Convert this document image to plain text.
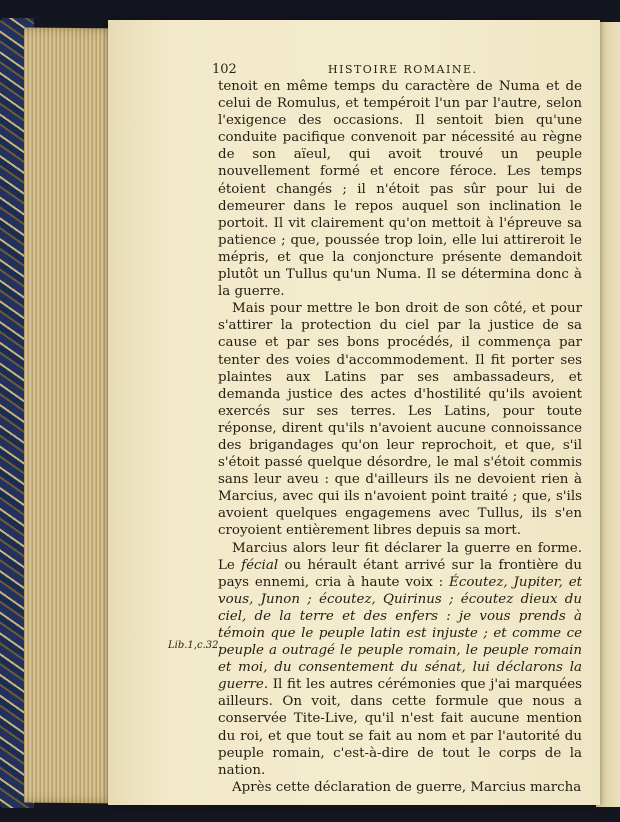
102	HISTOIRE ROMAINE.
Lib.1,c.32.

tenoit en même temps du caractère de Numa et de celui de Romulus, et tempéroit l'un par l'autre, selon l'exigence des occasions. Il sentoit bien qu'une conduite pacifique convenoit par nécessité au règne de son aïeul, qui avoit trouvé un peuple nouvellement formé et encore féroce. Les temps étoient changés ; il n'étoit pas sûr pour lui de demeurer dans le repos auquel son inclination le portoit. Il vit clairement qu'on mettoit à l'épreuve sa patience ; que, poussée trop loin, elle lui attireroit le mépris, et que la conjoncture présente demandoit plutôt un Tullus qu'un Numa. Il se détermina donc à la guerre.

Mais pour mettre le bon droit de son côté, et pour s'attirer la protection du ciel par la justice de sa cause et par ses bons procédés, il commença par tenter des voies d'accommodement. Il fit porter ses plaintes aux Latins par ses ambassadeurs, et demanda justice des actes d'hostilité qu'ils avoient exercés sur ses terres. Les Latins, pour toute réponse, dirent qu'ils n'avoient aucune connoissance des brigandages qu'on leur reprochoit, et que, s'il s'étoit passé quelque désordre, le mal s'étoit commis sans leur aveu : que d'ailleurs ils ne devoient rien à Marcius, avec qui ils n'avoient point traité ; que, s'ils avoient quelques engagemens avec Tullus, ils s'en croyoient entièrement libres depuis sa mort.

Marcius alors leur fit déclarer la guerre en forme. Le fécial ou hérault étant arrivé sur la frontière du pays ennemi, cria à haute voix : Écoutez, Jupiter, et vous, Junon ; écoutez, Quirinus ; écoutez dieux du ciel, de la terre et des enfers : je vous prends à témoin que le peuple latin est injuste ; et comme ce peuple a outragé le peuple romain, le peuple romain et moi, du consentement du sénat, lui déclarons la guerre. Il fit les autres cérémonies que j'ai marquées ailleurs. On voit, dans cette formule que nous a conservée Tite-Live, qu'il n'est fait aucune mention du roi, et que tout se fait au nom et par l'autorité du peuple romain, c'est-à-dire de tout le corps de la nation.

Après cette déclaration de guerre, Marcius marcha
